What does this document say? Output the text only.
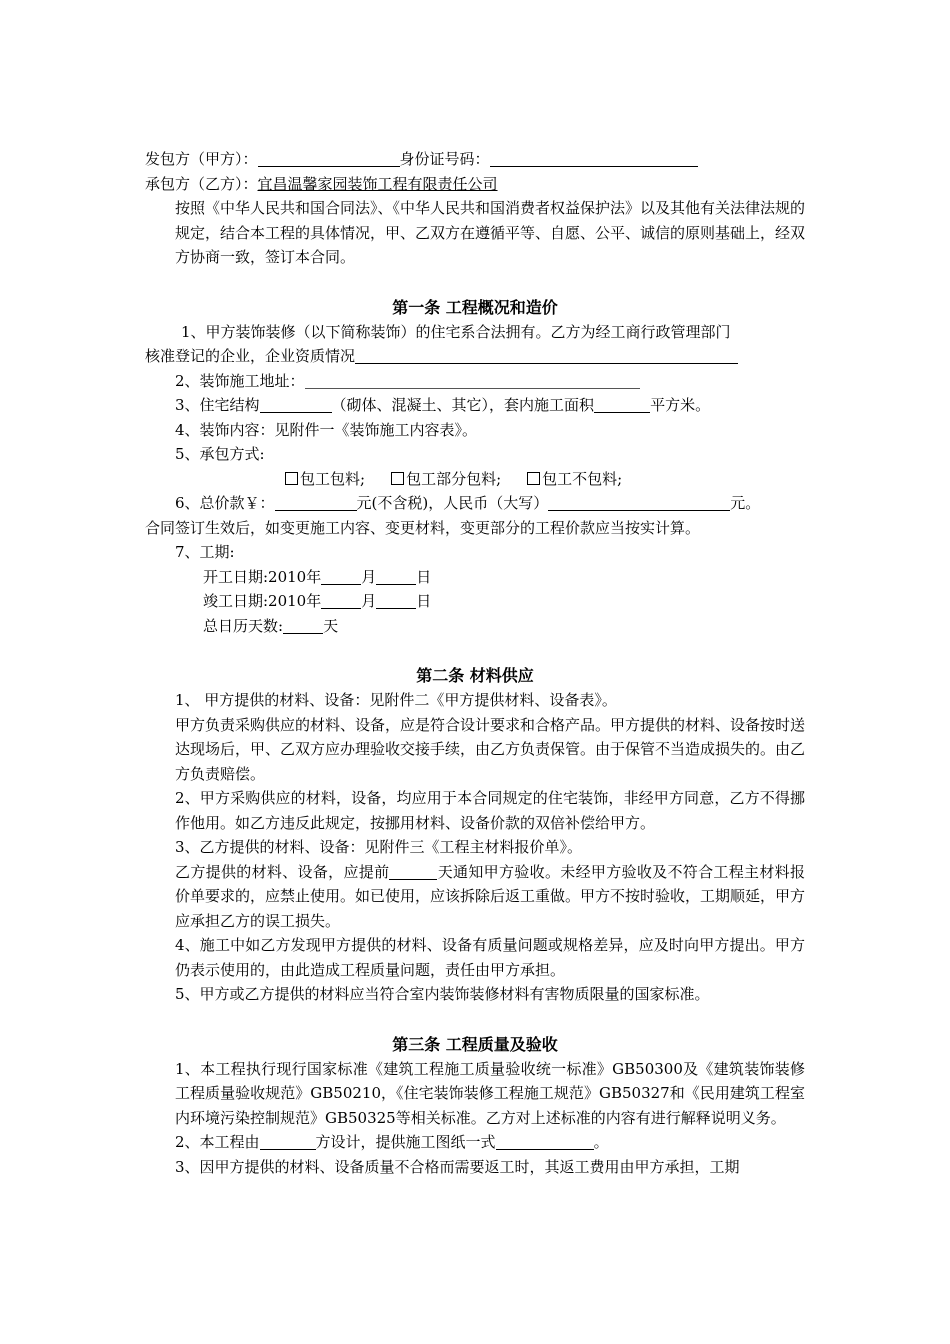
发包方（甲方）：	身份证号码：
承包方（乙方）：宜昌温馨家园装饰工程有限责任公司
按照《中华人民共和国合同法》、《中华人民共和国消费者权益保护法》以及其他有关法律法规的规定，结合本工程的具体情况，甲、乙双方在遵循平等、自愿、公平、诚信的原则基础上，经双方协商一致，签订本合同。
第一条 工程概况和造价
1、甲方装饰装修（以下简称装饰）的住宅系合法拥有。乙方为经工商行政管理部门
核准登记的企业，企业资质情况
2、装饰施工地址：
3、住宅结构	（砌体、混凝土、其它），套内施工面积	平方米。
4、装饰内容：见附件一《装饰施工内容表》。
5、承包方式:
包工包料;	包工部分包料;	包工不包料;
6、总价款￥：	元(不含税)，人民币（大写）	元。
合同签订生效后，如变更施工内容、变更材料，变更部分的工程价款应当按实计算。
7、工期:
开工日期:2010年	月	日
竣工日期:2010年	月	日
总日历天数:	天
第二条 材料供应
1、 甲方提供的材料、设备：见附件二《甲方提供材料、设备表》。
甲方负责采购供应的材料、设备，应是符合设计要求和合格产品。甲方提供的材料、设备按时送达现场后，甲、乙双方应办理验收交接手续，由乙方负责保管。由于保管不当造成损失的。由乙方负责赔偿。
2、甲方采购供应的材料，设备，均应用于本合同规定的住宅装饰，非经甲方同意，乙方不得挪作他用。如乙方违反此规定，按挪用材料、设备价款的双倍补偿给甲方。
3、乙方提供的材料、设备：见附件三《工程主材料报价单》。
乙方提供的材料、设备，应提前	天通知甲方验收。未经甲方验收及不符合工程主材料报价单要求的，应禁止使用。如已使用，应该拆除后返工重做。甲方不按时验收，工期顺延，甲方应承担乙方的误工损失。
4、施工中如乙方发现甲方提供的材料、设备有质量问题或规格差异，应及时向甲方提出。甲方仍表示使用的，由此造成工程质量问题，责任由甲方承担。
5、甲方或乙方提供的材料应当符合室内装饰装修材料有害物质限量的国家标准。
第三条 工程质量及验收
1、本工程执行现行国家标准《建筑工程施工质量验收统一标准》GB50300及《建筑装饰装修工程质量验收规范》GB50210，《住宅装饰装修工程施工规范》GB50327和《民用建筑工程室内环境污染控制规范》GB50325等相关标准。乙方对上述标准的内容有进行解释说明义务。
2、本工程由	方设计，提供施工图纸一式	。
3、因甲方提供的材料、设备质量不合格而需要返工时，其返工费用由甲方承担，工期
